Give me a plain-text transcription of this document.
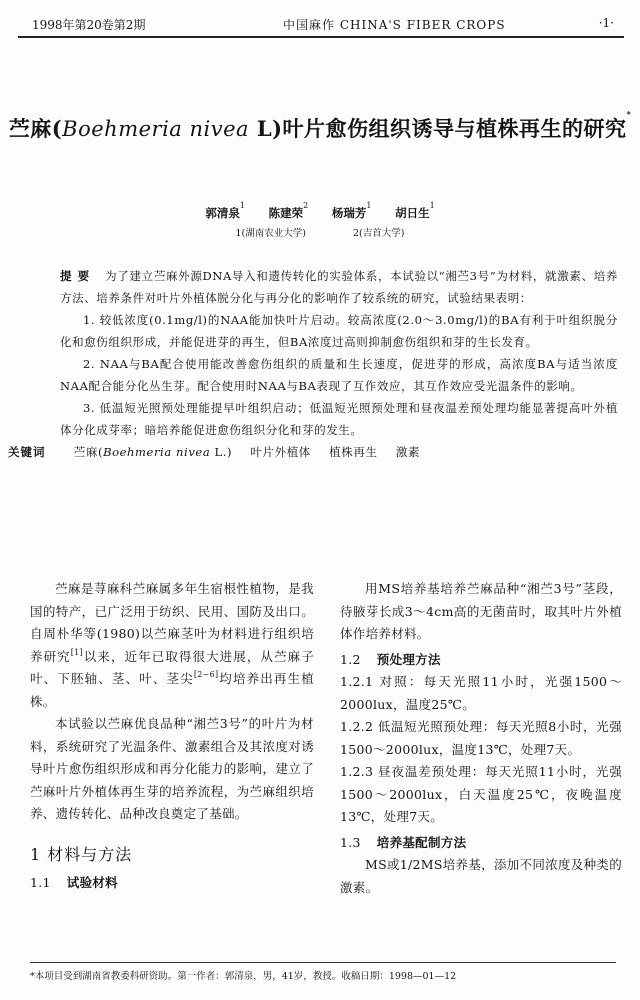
1998年第20卷第2期	中国麻作 CHINA'S FIBER CROPS	·1·
苎麻(Boehmeria nivea L)叶片愈伤组织诱导与植株再生的研究*
郭清泉$^1$ 陈建荣$^2$ 杨瑞芳$^1$ 胡日生$^1$
1(湖南农业大学)	2(吉首大学)

提要 为了建立苎麻外源DNA导入和遗传转化的实验体系，本试验以“湘苎3号”为材料，就激素、培养方法、培养条件对叶片外植体脱分化与再分化的影响作了较系统的研究，试验结果表明：

1. 较低浓度(0.1mg/l)的NAA能加快叶片启动。较高浓度(2.0～3.0mg/l)的BA有利于叶组织脱分化和愈伤组织形成，并能促进芽的再生，但BA浓度过高则抑制愈伤组织和芽的生长发育。

2. NAA与BA配合使用能改善愈伤组织的质量和生长速度，促进芽的形成，高浓度BA与适当浓度NAA配合能分化丛生芽。配合使用时NAA与BA表现了互作效应，其互作效应受光温条件的影响。

3. 低温短光照预处理能提早叶组织启动；低温短光照预处理和昼夜温差预处理均能显著提高叶外植体分化成芽率；暗培养能促进愈伤组织分化和芽的发生。

关键词 苎麻(Boehmeria nivea L.) 叶片外植体 植株再生 激素

苎麻是荨麻科苎麻属多年生宿根性植物，是我国的特产，已广泛用于纺织、民用、国防及出口。自周朴华等(1980)以苎麻茎叶为材料进行组织培养研究[1]以来，近年已取得很大进展，从苎麻子叶、下胚轴、茎、叶、茎尖[2~6]均培养出再生植株。

本试验以苎麻优良品种“湘苎3号”的叶片为材料，系统研究了光温条件、激素组合及其浓度对诱导叶片愈伤组织形成和再分化能力的影响，建立了苎麻叶片外植体再生芽的培养流程，为苎麻组织培养、遗传转化、品种改良奠定了基础。

1 材料与方法
1.1 试验材料

用MS培养基培养苎麻品种“湘苎3号”茎段，待腋芽长成3～4cm高的无菌苗时，取其叶片外植体作培养材料。

1.2 预处理方法

1.2.1 对照：每天光照11小时，光强1500～2000lux，温度25℃。

1.2.2 低温短光照预处理：每天光照8小时，光强1500～2000lux，温度13℃，处理7天。

1.2.3 昼夜温差预处理：每天光照11小时，光强1500～2000lux，白天温度25℃，夜晚温度13℃，处理7天。

1.3 培养基配制方法

MS或1/2MS培养基，添加不同浓度及种类的激素。

*本项目受到湖南省教委科研资助。第一作者：郭清泉，男，41岁，教授。收稿日期：1998—01—12
